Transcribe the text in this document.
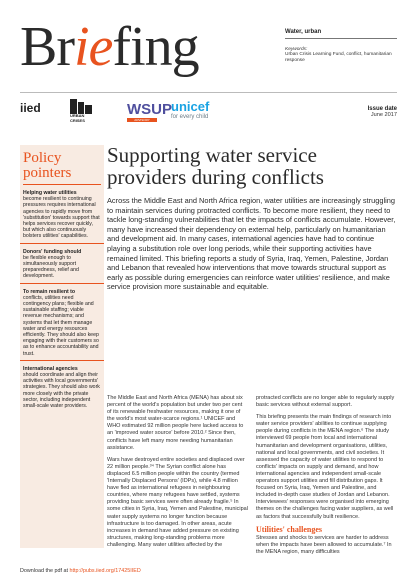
Briefing	Water, urban
Keywords:
Urban Crisis Learning Fund, conflict, humanitarian response
iied
URBAN
CRISES
WSUP
ADVISORY
unicef
for every child
Issue date
June 2017
Policy pointers
Helping water utilities
become resilient to continuing pressures requires international agencies to rapidly move from 'substitution' towards support that helps services recover quickly, but which also continuously bolsters utilities' capabilities.
Donors' funding should
be flexible enough to simultaneously support preparedness, relief and development.
To remain resilient to
conflicts, utilities need contingency plans; flexible and sustainable staffing; viable revenue mechanisms; and systems that let them manage water and energy resources efficiently. They should also keep engaging with their customers so as to enhance accountability and trust.
International agencies
should coordinate and align their activities with local governments' strategies. They should also work more closely with the private sector, including independent small-scale water providers.
Supporting water service providers during conflicts
Across the Middle East and North Africa region, water utilities are increasingly struggling to maintain services during protracted conflicts. To become more resilient, they need to tackle long-standing vulnerabilities that let the impacts of conflicts accumulate. However, many have increased their dependency on external help, particularly on humanitarian and development aid. In many cases, international agencies have had to continue playing a substitution role over long periods, while their supporting activities have remained limited. This briefing reports a study of Syria, Iraq, Yemen, Palestine, Jordan and Lebanon that revealed how interventions that move towards structural support as early as possible during emergencies can reinforce water utilities' resilience, and make service provision more sustainable and equitable.

The Middle East and North Africa (MENA) has about six percent of the world's population but under two per cent of its renewable freshwater resources, making it one of the world's most water-scarce regions.¹ UNICEF and WHO estimated 92 million people here lacked access to an 'improved water source' before 2010.² Since then, conflicts have left many more needing humanitarian assistance.

Wars have destroyed entire societies and displaced over 22 million people.³⁴ The Syrian conflict alone has displaced 6.5 million people within the country (termed 'Internally Displaced Persons' (IDPs), while 4.8 million have fled as international refugees in neighbouring countries, where many refugees have settled, systems providing basic services were often already fragile.⁵ In some cities in Syria, Iraq, Yemen and Palestine, municipal water supply systems no longer function because infrastructure is too damaged. In other areas, acute increases in demand have added pressure on existing structures, making long-standing problems more challenging. Many water utilities affected by the

protracted conflicts are no longer able to regularly supply basic services without external support.

This briefing presents the main findings of research into water service providers' abilities to continue supplying people during conflicts in the MENA region.⁶ The study interviewed 69 people from local and international humanitarian and development organisations, utilities, national and local governments, and civil societies. It assessed the capacity of water utilities to respond to conflicts' impacts on supply and demand, and how international agencies and independent small-scale operators support utilities and fill distribution gaps. It focused on Syria, Iraq, Yemen and Palestine, and included in-depth case studies of Jordan and Lebanon. Interviewees' responses were organised into emerging themes on the challenges facing water suppliers, as well as factors that successfully built resilience.

Utilities' challenges

Stresses and shocks to services are harder to address when the impacts have been allowed to accumulate.⁷ In the MENA region, many difficulties

Download the pdf at http://pubs.iied.org/17425IIED
